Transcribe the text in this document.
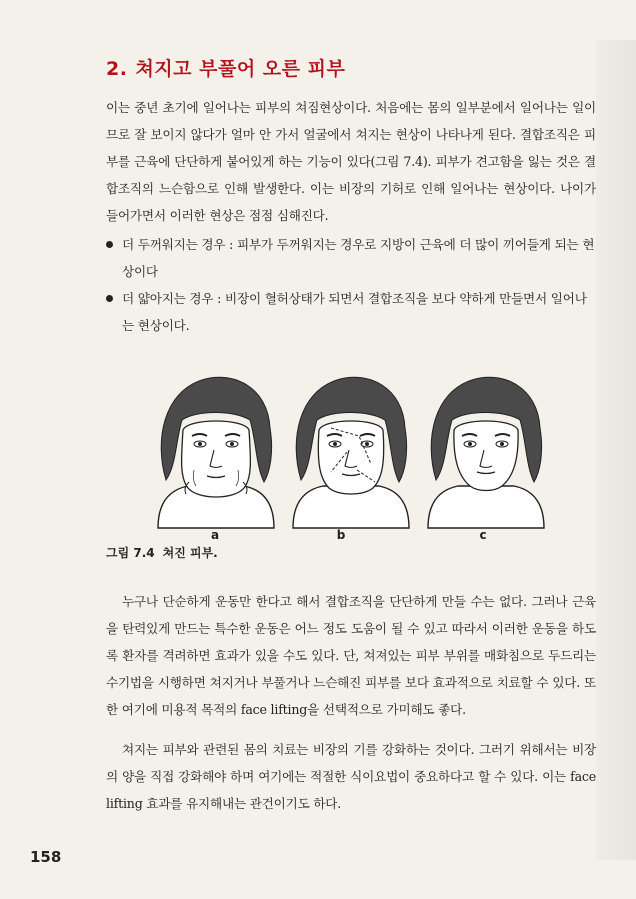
2. 쳐지고 부풀어 오른 피부

이는 중년 초기에 일어나는 피부의 쳐짐현상이다. 처음에는 몸의 일부분에서 일어나는 일이므로 잘 보이지 않다가 얼마 안 가서 얼굴에서 쳐지는 현상이 나타나게 된다. 결합조직은 피부를 근육에 단단하게 붙어있게 하는 기능이 있다(그림 7.4). 피부가 견고함을 잃는 것은 결합조직의 느슨함으로 인해 발생한다. 이는 비장의 기허로 인해 일어나는 현상이다. 나이가 들어가면서 이러한 현상은 점점 심해진다.

더 두꺼워지는 경우 : 피부가 두꺼워지는 경우로 지방이 근육에 더 많이 끼어들게 되는 현상이다
더 얇아지는 경우 : 비장이 혈허상태가 되면서 결합조직을 보다 약하게 만들면서 일어나는 현상이다.
a	b	c

그림 7.4 쳐진 피부.

누구나 단순하게 운동만 한다고 해서 결합조직을 단단하게 만들 수는 없다. 그러나 근육을 탄력있게 만드는 특수한 운동은 어느 정도 도움이 될 수 있고 따라서 이러한 운동을 하도록 환자를 격려하면 효과가 있을 수도 있다. 단, 쳐져있는 피부 부위를 매화침으로 두드리는 수기법을 시행하면 쳐지거나 부풀거나 느슨해진 피부를 보다 효과적으로 치료할 수 있다. 또한 여기에 미용적 목적의 face lifting을 선택적으로 가미해도 좋다.

쳐지는 피부와 관련된 몸의 치료는 비장의 기를 강화하는 것이다. 그러기 위해서는 비장의 양을 직접 강화해야 하며 여기에는 적절한 식이요법이 중요하다고 할 수 있다. 이는 face lifting 효과를 유지해내는 관건이기도 하다.

158
